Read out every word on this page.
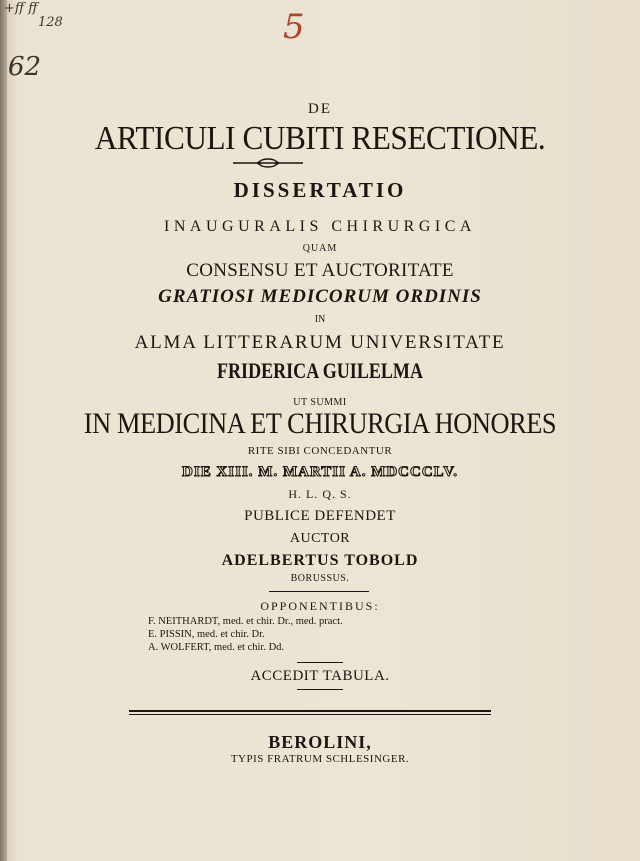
+ff ff
128
62
5
DE
ARTICULI CUBITI RESECTIONE.
DISSERTATIO
INAUGURALIS CHIRURGICA
QUAM
CONSENSU ET AUCTORITATE
GRATIOSI MEDICORUM ORDINIS
IN
ALMA LITTERARUM UNIVERSITATE
FRIDERICA GUILELMA
UT SUMMI
IN MEDICINA ET CHIRURGIA HONORES
RITE SIBI CONCEDANTUR
DIE XIII. M. MARTII A. MDCCCLV.
H. L. Q. S.
PUBLICE DEFENDET
AUCTOR
ADELBERTUS TOBOLD
BORUSSUS.
OPPONENTIBUS:
F. NEITHARDT, med. et chir. Dr., med. pract.
E. PISSIN, med. et chir. Dr.
A. WOLFERT, med. et chir. Dd.
ACCEDIT TABULA.
BEROLINI,
TYPIS FRATRUM SCHLESINGER.
